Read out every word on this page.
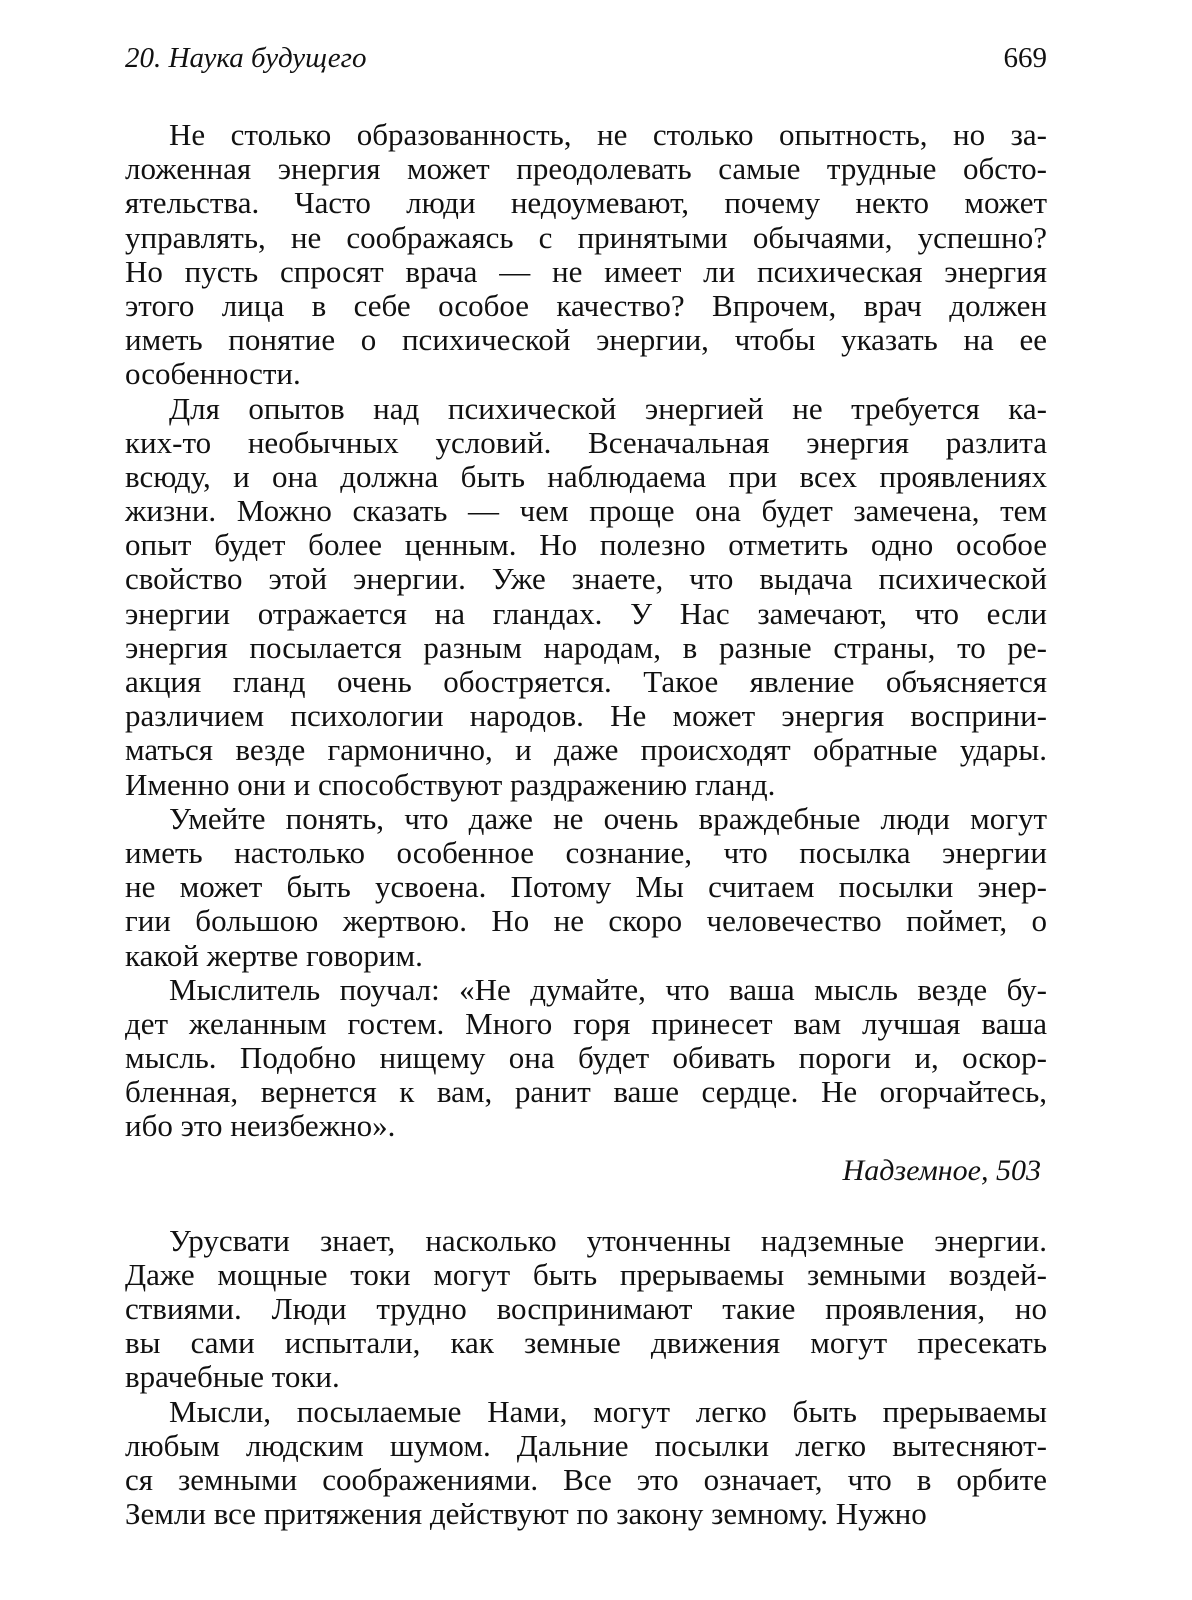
20. Наука будущего	669

Не столько образованность, не столько опытность, но за-
ложенная энергия может преодолевать самые трудные обсто-
ятельства. Часто люди недоумевают, почему некто может
управлять, не соображаясь с принятыми обычаями, успешно?
Но пусть спросят врача — не имеет ли психическая энергия
этого лица в себе особое качество? Впрочем, врач должен
иметь понятие о психической энергии, чтобы указать на ее
особенности.

Для опытов над психической энергией не требуется ка-
ких-то необычных условий. Всеначальная энергия разлита
всюду, и она должна быть наблюдаема при всех проявлениях
жизни. Можно сказать — чем проще она будет замечена, тем
опыт будет более ценным. Но полезно отметить одно особое
свойство этой энергии. Уже знаете, что выдача психической
энергии отражается на гландах. У Нас замечают, что если
энергия посылается разным народам, в разные страны, то ре-
акция гланд очень обостряется. Такое явление объясняется
различием психологии народов. Не может энергия восприни-
маться везде гармонично, и даже происходят обратные удары.
Именно они и способствуют раздражению гланд.

Умейте понять, что даже не очень враждебные люди могут
иметь настолько особенное сознание, что посылка энергии
не может быть усвоена. Потому Мы считаем посылки энер-
гии большою жертвою. Но не скоро человечество поймет, о
какой жертве говорим.

Мыслитель поучал: «Не думайте, что ваша мысль везде бу-
дет желанным гостем. Много горя принесет вам лучшая ваша
мысль. Подобно нищему она будет обивать пороги и, оскор-
бленная, вернется к вам, ранит ваше сердце. Не огорчайтесь,
ибо это неизбежно».

Надземное, 503

Урусвати знает, насколько утонченны надземные энергии.
Даже мощные токи могут быть прерываемы земными воздей-
ствиями. Люди трудно воспринимают такие проявления, но
вы сами испытали, как земные движения могут пресекать
врачебные токи.

Мысли, посылаемые Нами, могут легко быть прерываемы
любым людским шумом. Дальние посылки легко вытесняют-
ся земными соображениями. Все это означает, что в орбите
Земли все притяжения действуют по закону земному. Нужно
